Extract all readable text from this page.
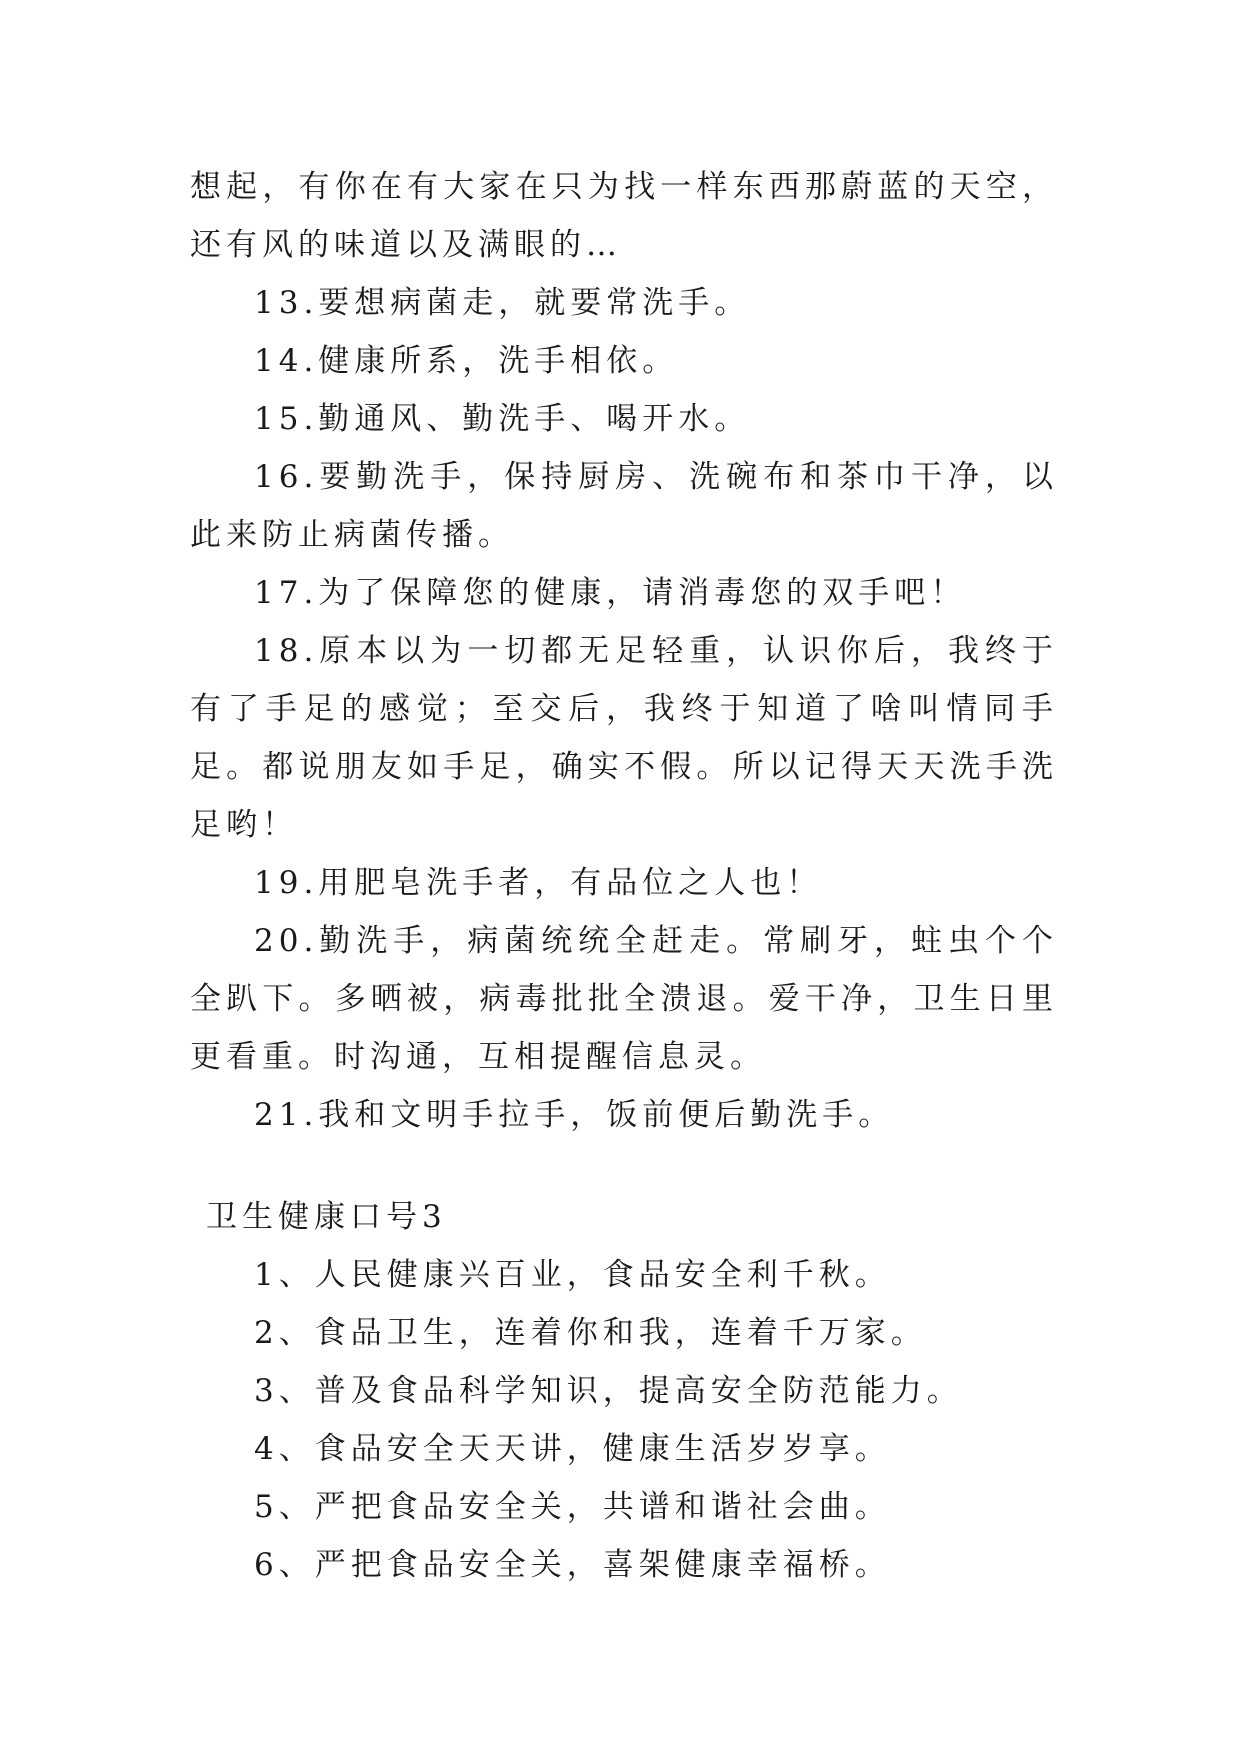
想起，有你在有大家在只为找一样东西那蔚蓝的天空，还有风的味道以及满眼的…

13.要想病菌走，就要常洗手。

14.健康所系，洗手相依。

15.勤通风、勤洗手、喝开水。

16.要勤洗手，保持厨房、洗碗布和茶巾干净，以此来防止病菌传播。

17.为了保障您的健康，请消毒您的双手吧！

18.原本以为一切都无足轻重，认识你后，我终于有了手足的感觉；至交后，我终于知道了啥叫情同手足。都说朋友如手足，确实不假。所以记得天天洗手洗足哟！

19.用肥皂洗手者，有品位之人也！

20.勤洗手，病菌统统全赶走。常刷牙，蛀虫个个全趴下。多晒被，病毒批批全溃退。爱干净，卫生日里更看重。时沟通，互相提醒信息灵。

21.我和文明手拉手，饭前便后勤洗手。

卫生健康口号3

1、人民健康兴百业，食品安全利千秋。

2、食品卫生，连着你和我，连着千万家。

3、普及食品科学知识，提高安全防范能力。

4、食品安全天天讲，健康生活岁岁享。

5、严把食品安全关，共谱和谐社会曲。

6、严把食品安全关，喜架健康幸福桥。
